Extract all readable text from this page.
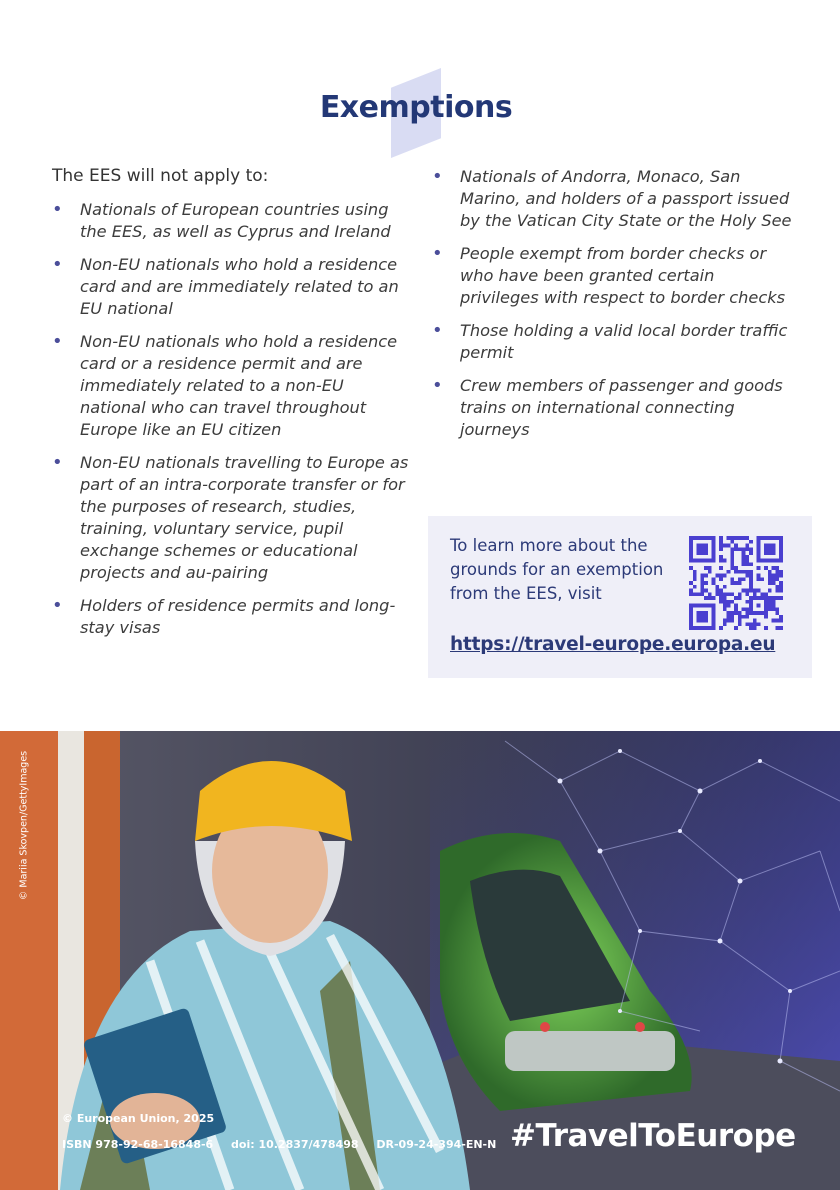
Exemptions

The EES will not apply to:

• Nationals of European countries using the EES, as well as Cyprus and Ireland
• Non-EU nationals who hold a residence card and are immediately related to an EU national
• Non-EU nationals who hold a residence card or a residence permit and are immediately related to a non-EU national who can travel throughout Europe like an EU citizen
• Non-EU nationals travelling to Europe as part of an intra-corporate transfer or for the purposes of research, studies, training, voluntary service, pupil exchange schemes or educational projects and au-pairing
• Holders of residence permits and long-stay visas
• Nationals of Andorra, Monaco, San Marino, and holders of a passport issued by the Vatican City State or the Holy See
• People exempt from border checks or who have been granted certain privileges with respect to border checks
• Those holding a valid local border traffic permit
• Crew members of passenger and goods trains on international connecting journeys

To learn more about the grounds for an exemption from the EES, visit

https://travel-europe.europa.eu
© Mariia Skovpen/GettyImages

© European Union, 2025

ISBN 978-92-68-16848-6 doi: 10.2837/478498 DR-09-24-394-EN-N #TravelToEurope
